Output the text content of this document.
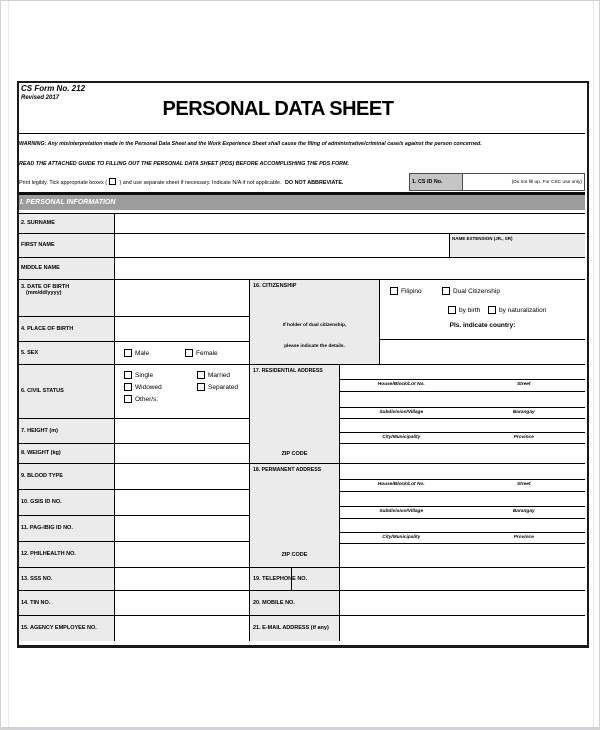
CS Form No. 212
Revised 2017	PERSONAL DATA SHEET
WARNING: Any misinterpretation made in the Personal Data Sheet and the Work Experience Sheet shall cause the filing of administrative/criminal case/s against the person concerned.
READ THE ATTACHED GUIDE TO FILLING OUT THE PERSONAL DATA SHEET (PDS) BEFORE ACCOMPLISHING THE PDS FORM.
Print legibly. Tick appropriate boxes ( ) and use separate sheet if necessary. Indicate N/A if not applicable. DO NOT ABBREVIATE.	1. CS ID No.	(Do not fill up. For CSC use only)
I. PERSONAL INFORMATION
2. SURNAME
FIRST NAME
NAME EXTENSION (JR., SR)
MIDDLE NAME
3. DATE OF BIRTH
(mm/dd/yyyy)
4. PLACE OF BIRTH
5. SEX	Male	Female
6. CIVIL STATUS
Single	Married
Widowed	Separated
Other/s:
7. HEIGHT (m)
8. WEIGHT (kg)
9. BLOOD TYPE
10. GSIS ID NO.
11. PAG-IBIG ID NO.
12. PHILHEALTH NO.
13. SSS NO.
14. TIN NO.
15. AGENCY EMPLOYEE NO.
16. CITIZENSHIP
If holder of dual citizenship,
please indicate the details.
Filipino	Dual Citizenship
by birth	by naturalization
Pls. indicate country:
17. RESIDENTIAL ADDRESS
ZIP CODE
House/Block/Lot No.	Street
Subdivision/Village	Barangay
City/Municipality	Province
18. PERMANENT ADDRESS
ZIP CODE
House/Block/Lot No.	Street
Subdivision/Village	Barangay
City/Municipality	Province
19. TELEPHONE NO.
20. MOBILE NO.
21. E-MAIL ADDRESS (if any)
